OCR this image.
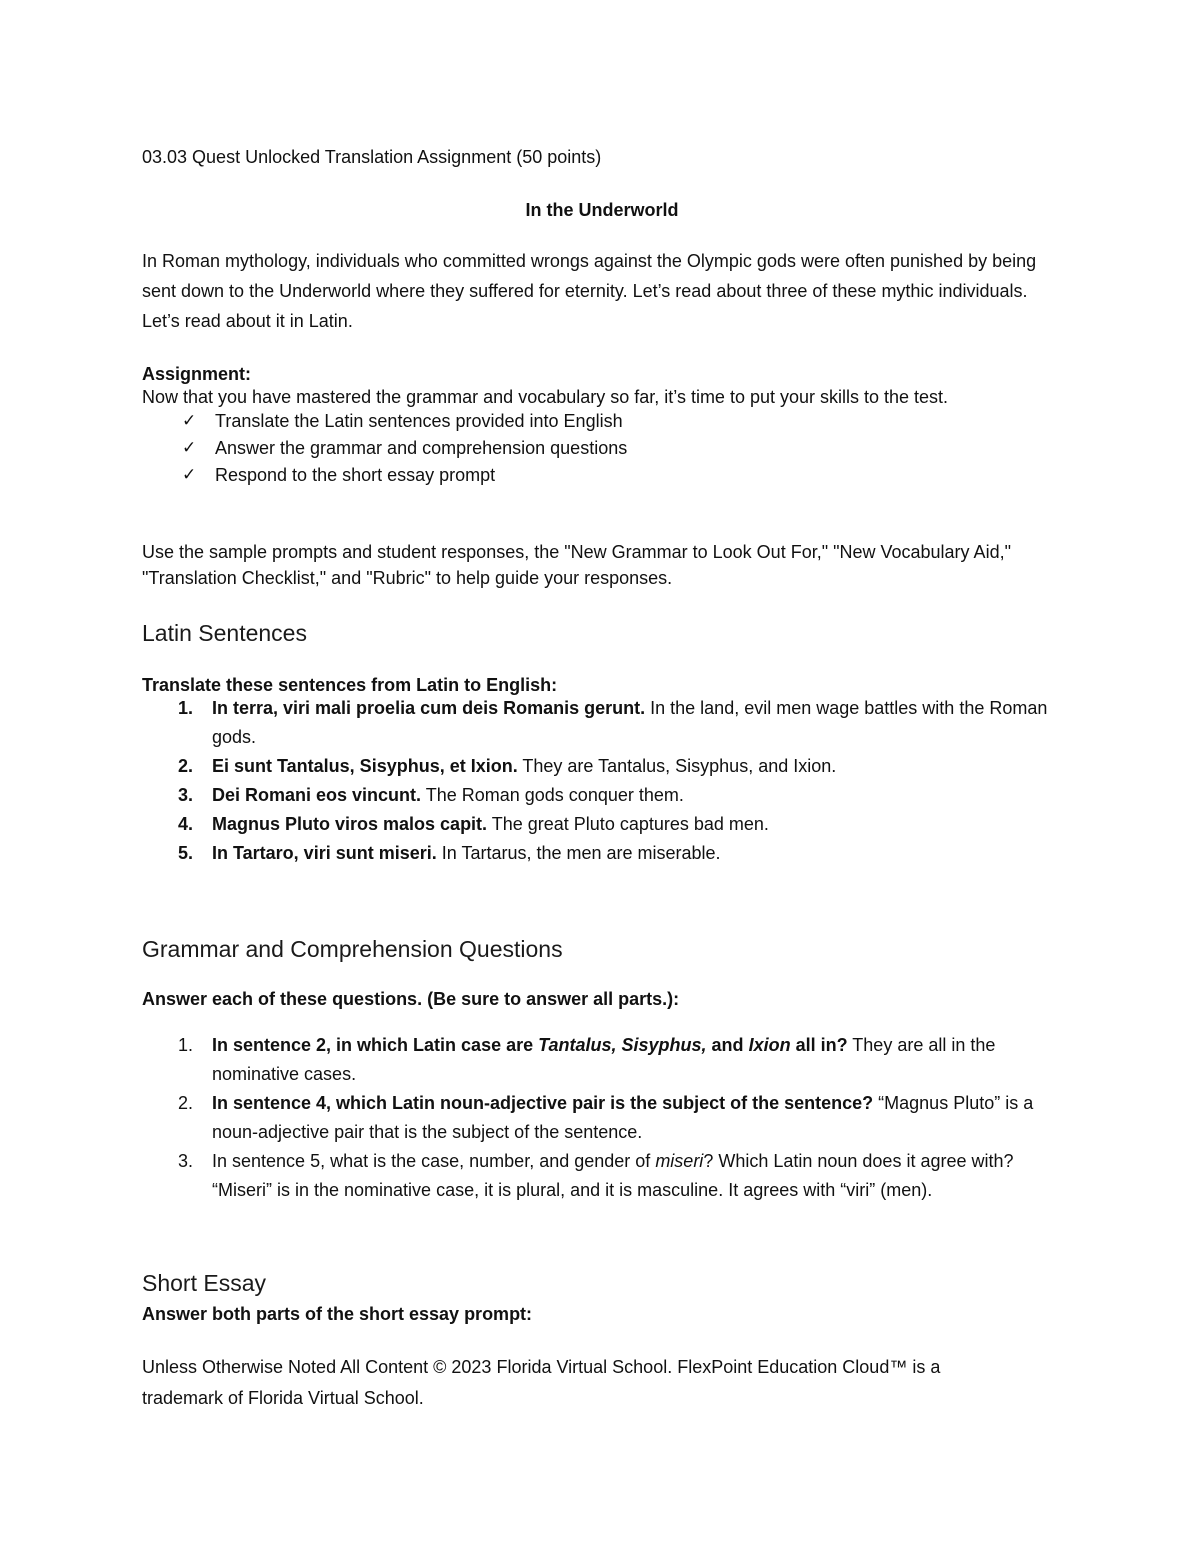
03.03 Quest Unlocked Translation Assignment (50 points)
In the Underworld
In Roman mythology, individuals who committed wrongs against the Olympic gods were often punished by being sent down to the Underworld where they suffered for eternity. Let’s read about three of these mythic individuals. Let’s read about it in Latin.
Assignment:
Now that you have mastered the grammar and vocabulary so far, it’s time to put your skills to the test.
✓ Translate the Latin sentences provided into English
✓ Answer the grammar and comprehension questions
✓ Respond to the short essay prompt
Use the sample prompts and student responses, the "New Grammar to Look Out For," "New Vocabulary Aid," "Translation Checklist," and "Rubric" to help guide your responses.
Latin Sentences
Translate these sentences from Latin to English:
1. In terra, viri mali proelia cum deis Romanis gerunt. In the land, evil men wage battles with the Roman gods.
2. Ei sunt Tantalus, Sisyphus, et Ixion. They are Tantalus, Sisyphus, and Ixion.
3. Dei Romani eos vincunt. The Roman gods conquer them.
4. Magnus Pluto viros malos capit. The great Pluto captures bad men.
5. In Tartaro, viri sunt miseri. In Tartarus, the men are miserable.
Grammar and Comprehension Questions
Answer each of these questions. (Be sure to answer all parts.):
1. In sentence 2, in which Latin case are Tantalus, Sisyphus, and Ixion all in? They are all in the nominative cases.
2. In sentence 4, which Latin noun-adjective pair is the subject of the sentence? “Magnus Pluto” is a noun-adjective pair that is the subject of the sentence.
3. In sentence 5, what is the case, number, and gender of miseri? Which Latin noun does it agree with? “Miseri” is in the nominative case, it is plural, and it is masculine. It agrees with “viri” (men).
Short Essay
Answer both parts of the short essay prompt:
Unless Otherwise Noted All Content © 2023 Florida Virtual School. FlexPoint Education Cloud™ is a trademark of Florida Virtual School.
